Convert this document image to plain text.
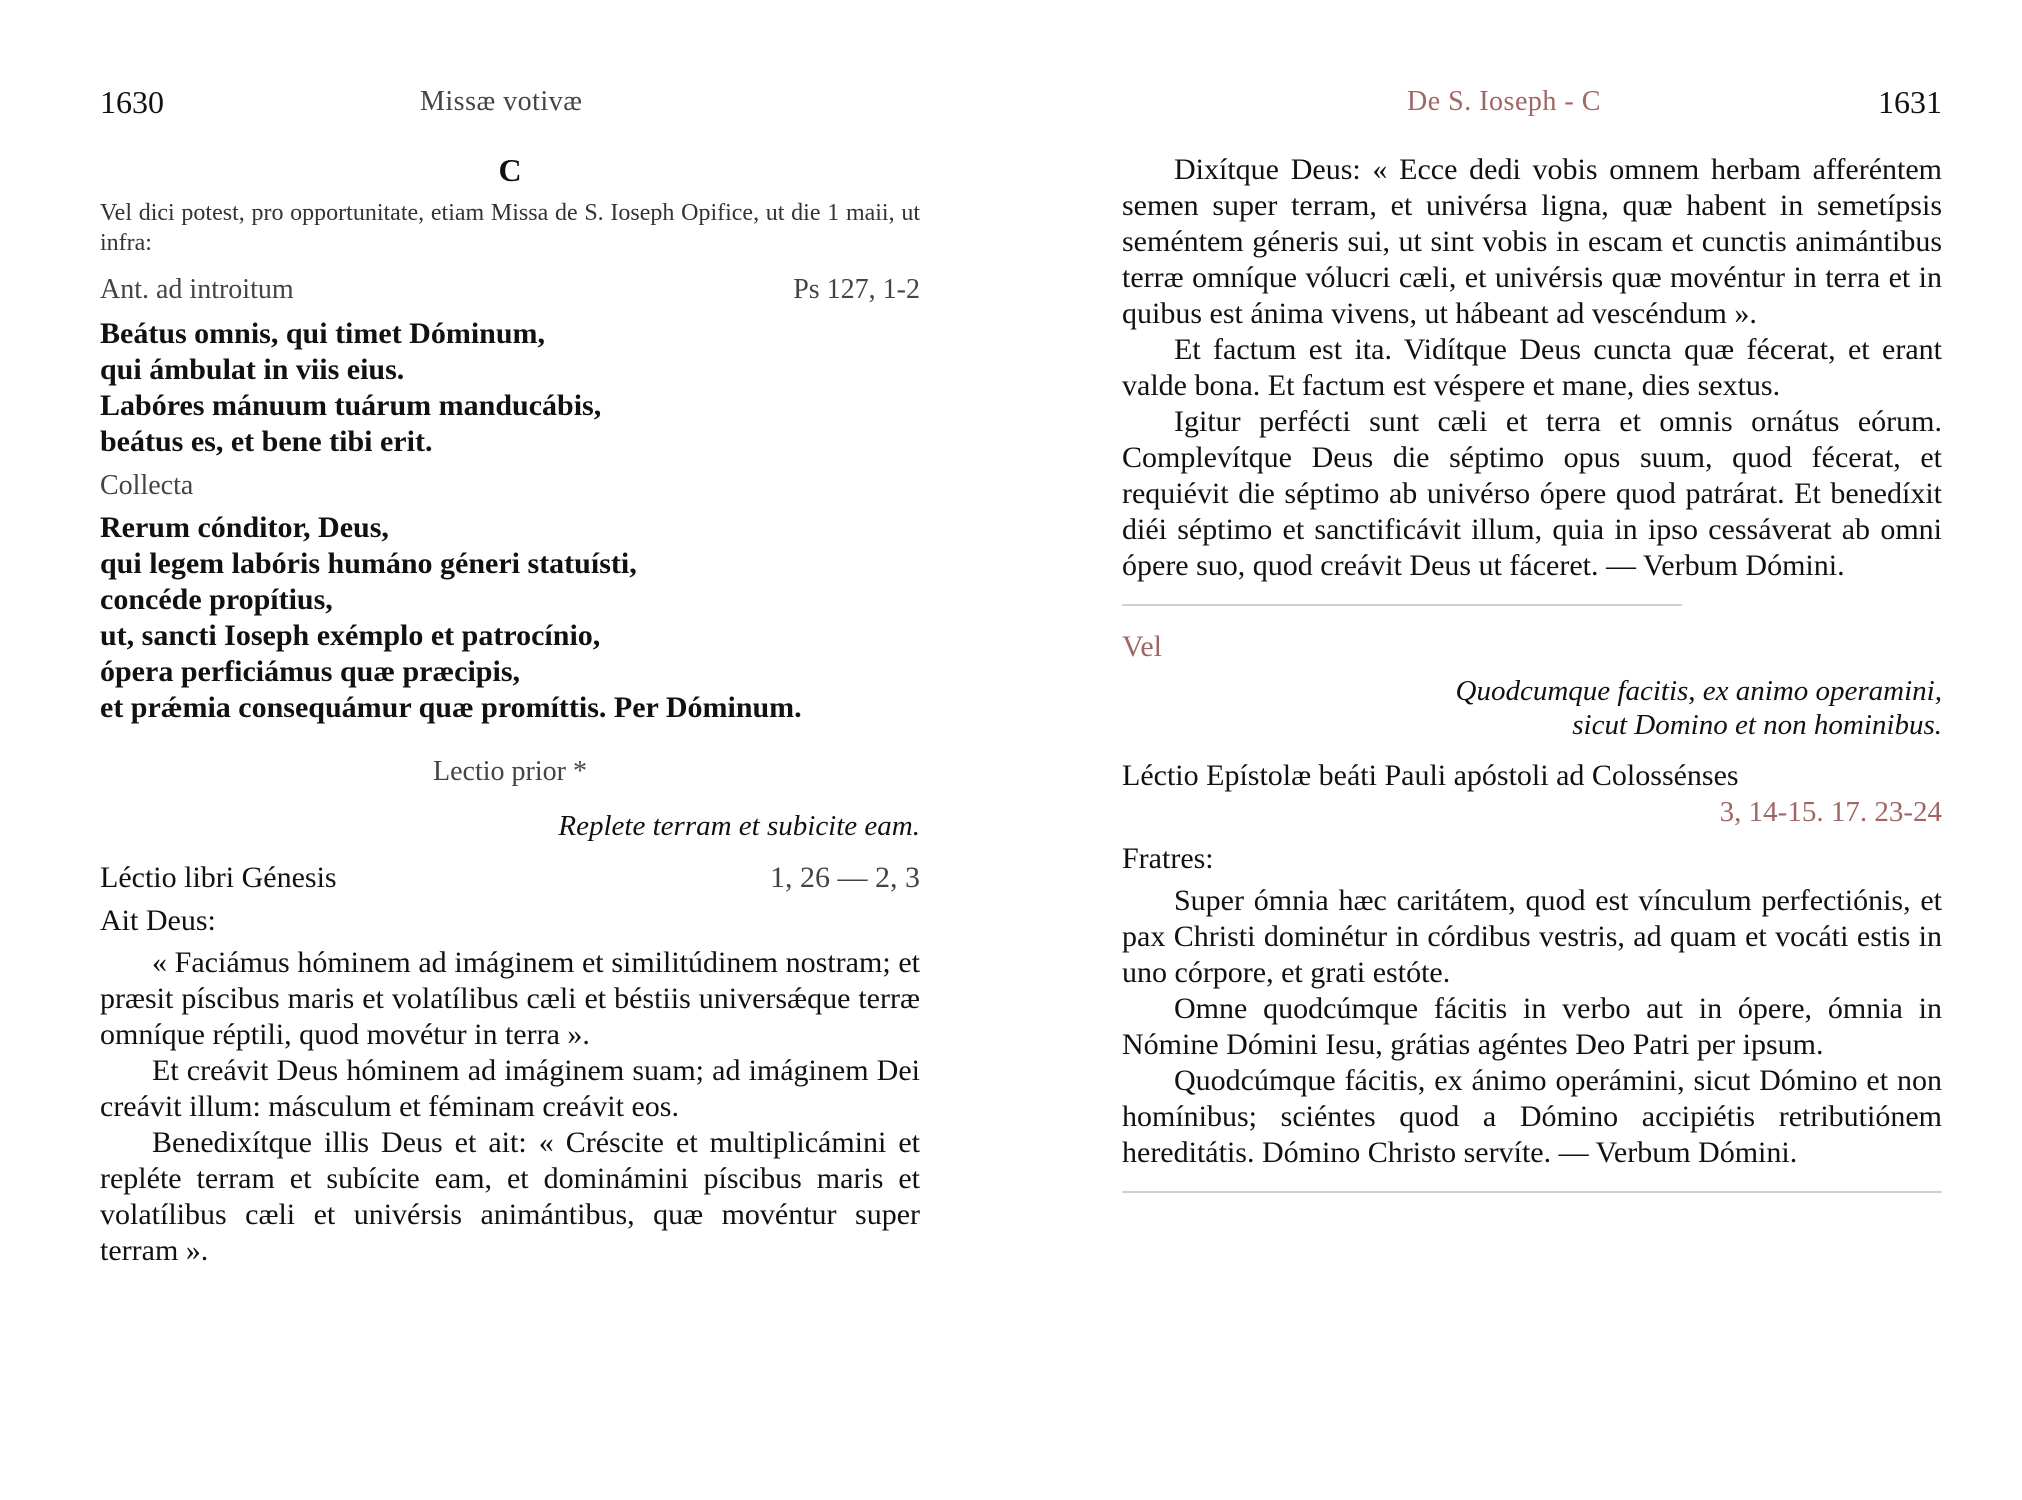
1630	Missæ votivæ
C

Vel dici potest, pro opportunitate, etiam Missa de S. Ioseph Opifice, ut die 1 maii, ut infra:

Ant. ad introitum	Ps 127, 1-2

Beátus omnis, qui timet Dóminum,

qui ámbulat in viis eius.

Labóres mánuum tuárum manducábis,

beátus es, et bene tibi erit.

Collecta

Rerum cónditor, Deus,

qui legem labóris humáno géneri statuísti,

concéde propítius,

ut, sancti Ioseph exémplo et patrocínio,

ópera perficiámus quæ præcipis,

et prǽmia consequámur quæ promíttis. Per Dóminum.

Lectio prior *
Replete terram et subicite eam.
Léctio libri Génesis	1, 26 — 2, 3

Ait Deus:

« Faciámus hóminem ad imáginem et similitúdinem nostram; et præsit píscibus maris et volatílibus cæli et béstiis universǽque terræ omníque réptili, quod movétur in terra ».

Et creávit Deus hóminem ad imáginem suam; ad imáginem Dei creávit illum: másculum et féminam creávit eos.

Benedixítque illis Deus et ait: « Créscite et multiplicámini et repléte terram et subícite eam, et dominámini píscibus maris et volatílibus cæli et univérsis animántibus, quæ movéntur super terram ».

De S. Ioseph - C	1631

Dixítque Deus: « Ecce dedi vobis omnem herbam afferéntem semen super terram, et univérsa ligna, quæ habent in semetípsis seméntem géneris sui, ut sint vobis in escam et cunctis animántibus terræ omníque vólucri cæli, et univérsis quæ movéntur in terra et in quibus est ánima vivens, ut hábeant ad vescéndum ».

Et factum est ita. Vidítque Deus cuncta quæ fécerat, et erant valde bona. Et factum est véspere et mane, dies sextus.

Igitur perfécti sunt cæli et terra et omnis ornátus eórum. Complevítque Deus die séptimo opus suum, quod fécerat, et requiévit die séptimo ab univérso ópere quod patrárat. Et benedíxit diéi séptimo et sanctificávit illum, quia in ipso cessáverat ab omni ópere suo, quod creávit Deus ut fáceret. — Verbum Dómini.

Vel
Quodcumque facitis, ex animo operamini,
sicut Domino et non hominibus.
Léctio Epístolæ beáti Pauli apóstoli ad Colossénses
3, 14-15. 17. 23-24

Fratres:

Super ómnia hæc caritátem, quod est vínculum perfectiónis, et pax Christi dominétur in córdibus vestris, ad quam et vocáti estis in uno córpore, et grati estóte.

Omne quodcúmque fácitis in verbo aut in ópere, ómnia in Nómine Dómini Iesu, grátias agéntes Deo Patri per ipsum.

Quodcúmque fácitis, ex ánimo operámini, sicut Dómino et non homínibus; sciéntes quod a Dómino accipiétis retributiónem hereditátis. Dómino Christo servíte. — Verbum Dómini.
